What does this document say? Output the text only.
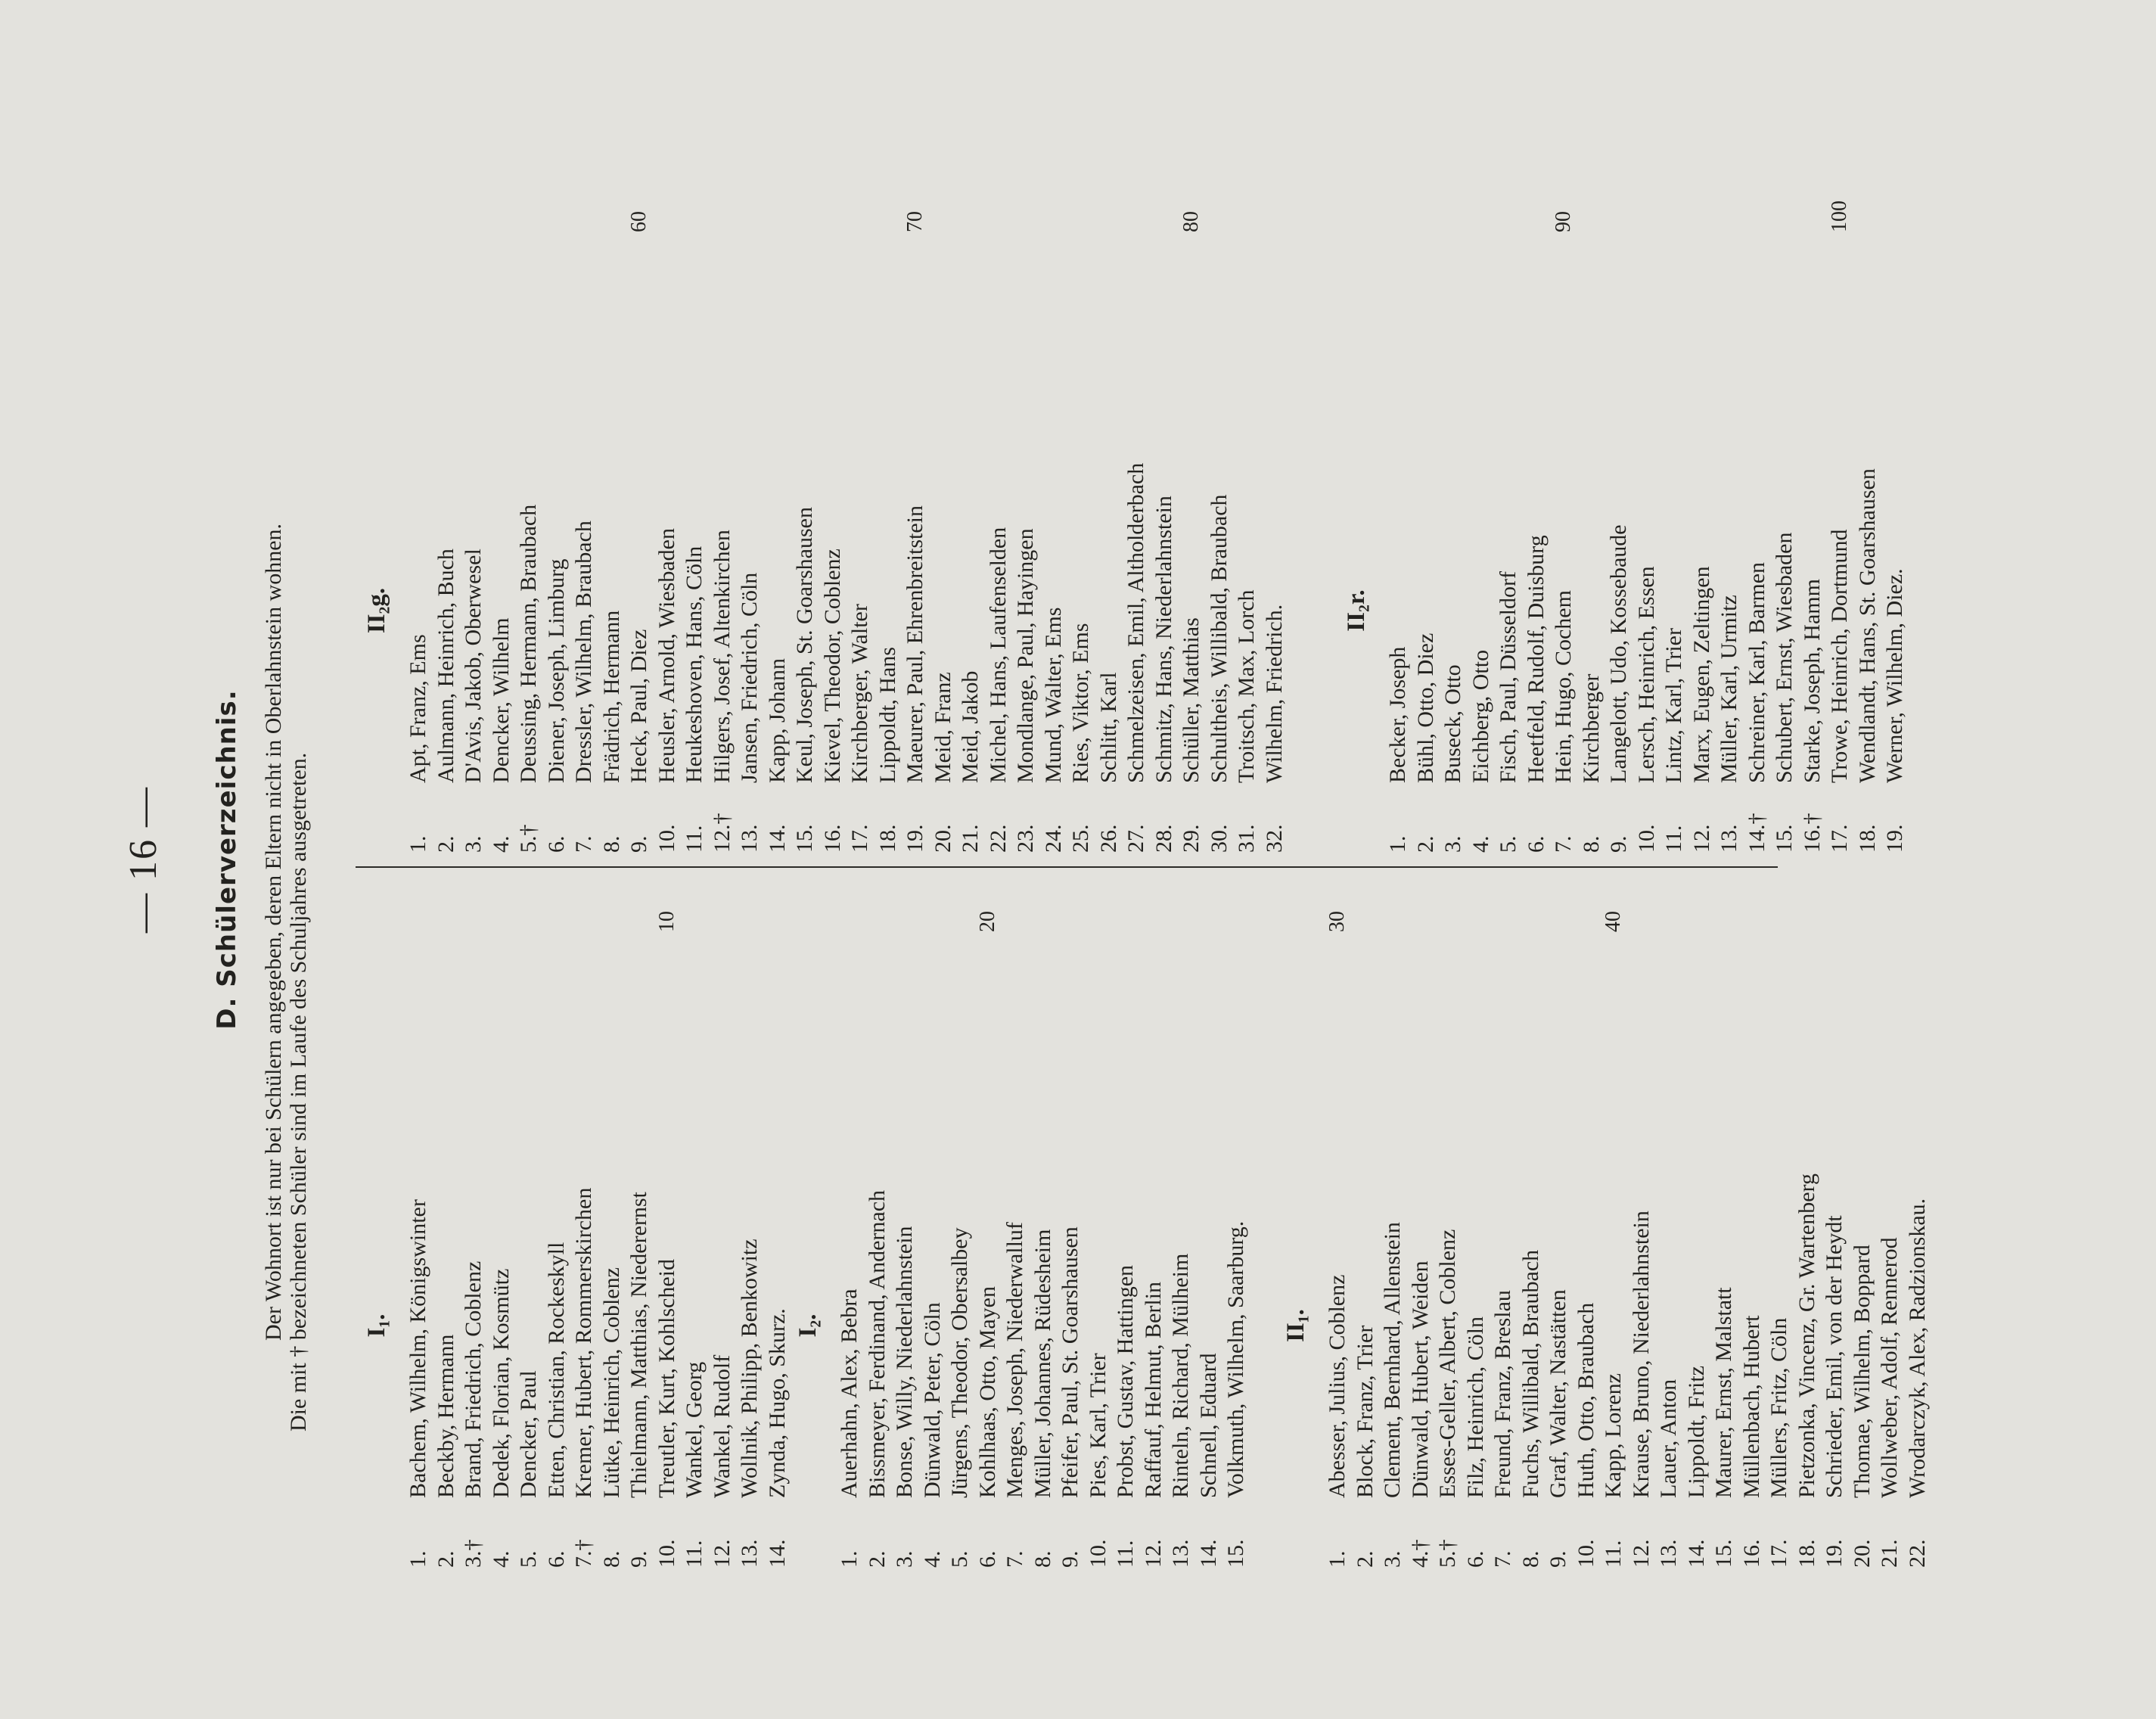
— 16 — D. Schülerverzeichnis. Der Wohnort ist nur bei Schülern angegeben, deren Eltern nicht in Oberlahnstein wohnen. Die mit † bezeichneten Schüler sind im Laufe des Schuljahres ausgetreten. I₁.
1.Bachem, Wilhelm, Königswinter
2.Beckby, Hermann
3.†Brand, Friedrich, Coblenz
4.Dedek, Florian, Kosmütz
5.Dencker, Paul
6.Etten, Christian, Rockeskyll
7.†Kremer, Hubert, Rommerskirchen
8.Lütke, Heinrich, Coblenz
9.Thielmann, Matthias, Niederernst
10.Treutler, Kurt, Kohlscheid
10
11.Wankel, Georg
12.Wankel, Rudolf
13.Wollnik, Philipp, Benkowitz
14.Zynda, Hugo, Skurz. I₂.
1.Auerhahn, Alex, Bebra
2.Bissmeyer, Ferdinand, Andernach
3.Bonse, Willy, Niederlahnstein
4.Dünwald, Peter, Cöln
5.Jürgens, Theodor, Obersalbey
6.Kohlhaas, Otto, Mayen
20
7.Menges, Joseph, Niederwalluf
8.Müller, Johannes, Rüdesheim
9.Pfeifer, Paul, St. Goarshausen
10.Pies, Karl, Trier
11.Probst, Gustav, Hattingen
12.Raffauf, Helmut, Berlin
13.Rinteln, Richard, Mülheim
14.Schnell, Eduard
15.Volkmuth, Wilhelm, Saarburg. II₁.
1.Abesser, Julius, Coblenz
30
2.Block, Franz, Trier
3.Clement, Bernhard, Allenstein
4.†Dünwald, Hubert, Weiden
5.†Esses-Geller, Albert, Coblenz
6.Filz, Heinrich, Cöln
7.Freund, Franz, Breslau
8.Fuchs, Willibald, Braubach
9.Graf, Walter, Nastätten
10.Huth, Otto, Braubach
11.Kapp, Lorenz
40
12.Krause, Bruno, Niederlahnstein
13.Lauer, Anton
14.Lippoldt, Fritz
15.Maurer, Ernst, Malstatt
16.Müllenbach, Hubert
17.Müllers, Fritz, Cöln
18.Pietzonka, Vincenz, Gr. Wartenberg
19.Schrieder, Emil, von der Heydt
20.Thomae, Wilhelm, Boppard
21.Wollweber, Adolf, Rennerod
22.Wrodarczyk, Alex, Radzionskau.
II₂g.
1.Apt, Franz, Ems
2.Aulmann, Heinrich, Buch
3.D'Avis, Jakob, Oberwesel
4.Dencker, Wilhelm
5.†Deussing, Hermann, Braubach
6.Diener, Joseph, Limburg
7.Dressler, Wilhelm, Braubach
8.Frädrich, Hermann
9.Heck, Paul, Diez
60
10.Heusler, Arnold, Wiesbaden
11.Heukeshoven, Hans, Cöln
12.†Hilgers, Josef, Altenkirchen
13.Jansen, Friedrich, Cöln
14.Kapp, Johann
15.Keul, Joseph, St. Goarshausen
16.Kievel, Theodor, Coblenz
17.Kirchberger, Walter
18.Lippoldt, Hans
19.Maeurer, Paul, Ehrenbreitstein
70
20.Meid, Franz
21.Meid, Jakob
22.Michel, Hans, Laufenselden
23.Mondlange, Paul, Hayingen
24.Mund, Walter, Ems
25.Ries, Viktor, Ems
26.Schlitt, Karl
27.Schmelzeisen, Emil, Altholderbach
28.Schmitz, Hans, Niederlahnstein
29.Schüller, Matthias
80
30.Schultheis, Willibald, Braubach
31.Troitsch, Max, Lorch
32.Wilhelm, Friedrich. II₂r.
1.Becker, Joseph
2.Bühl, Otto, Diez
3.Buseck, Otto
4.Eichberg, Otto
5.Fisch, Paul, Düsseldorf
6.Heetfeld, Rudolf, Duisburg
7.Hein, Hugo, Cochem
90
8.Kirchberger
9.Langelott, Udo, Kossebaude
10.Lersch, Heinrich, Essen
11.Lintz, Karl, Trier
12.Marx, Eugen, Zeltingen
13.Müller, Karl, Urmitz
14.†Schreiner, Karl, Barmen
15.Schubert, Ernst, Wiesbaden
16.†Starke, Joseph, Hamm
17.Trowe, Heinrich, Dortmund
100
18.Wendlandt, Hans, St. Goarshausen
19.Werner, Wilhelm, Diez.
